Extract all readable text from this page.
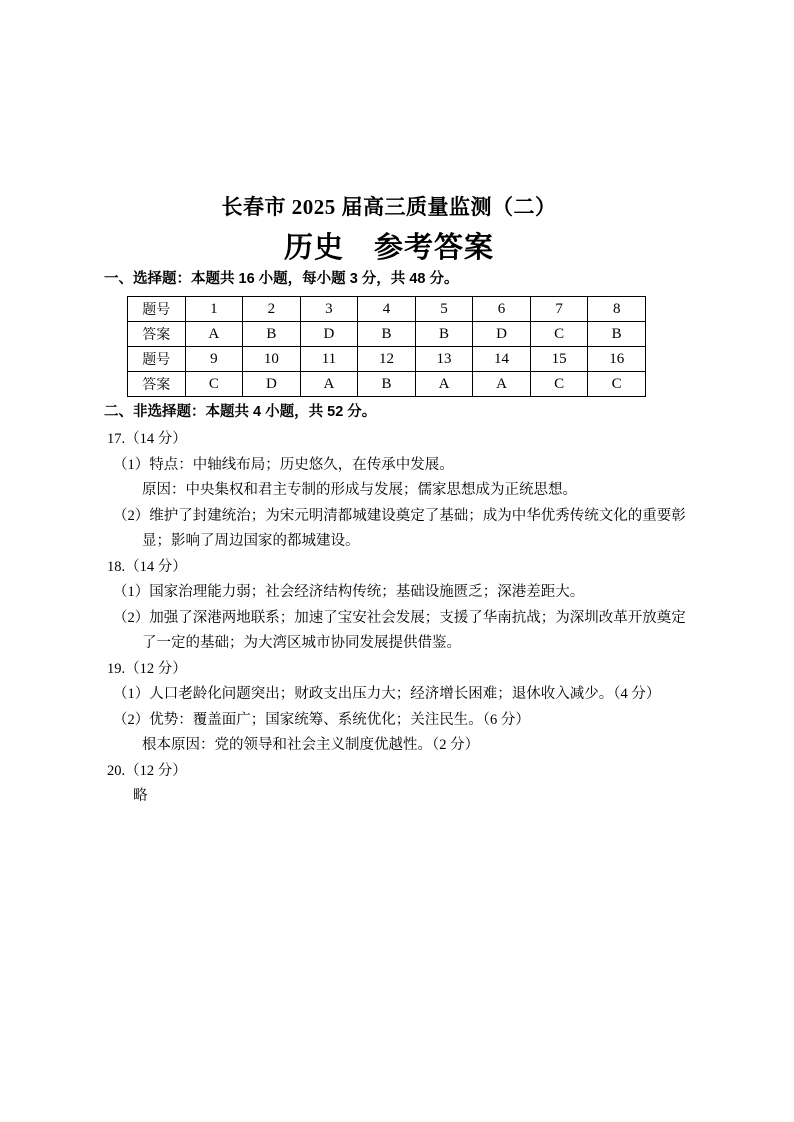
长春市 2025 届高三质量监测（二）
历史　参考答案
一、选择题：本题共 16 小题，每小题 3 分，共 48 分。
题号	1	2	3	4	5	6	7	8
答案	A	B	D	B	B	D	C	B
题号	9	10	11	12	13	14	15	16
答案	C	D	A	B	A	A	C	C
二、非选择题：本题共 4 小题，共 52 分。
17.（14 分）
（1）特点：中轴线布局；历史悠久，在传承中发展。
原因：中央集权和君主专制的形成与发展；儒家思想成为正统思想。
（2）维护了封建统治；为宋元明清都城建设奠定了基础；成为中华优秀传统文化的重要彰
显；影响了周边国家的都城建设。
18.（14 分）
（1）国家治理能力弱；社会经济结构传统；基础设施匮乏；深港差距大。
（2）加强了深港两地联系；加速了宝安社会发展；支援了华南抗战；为深圳改革开放奠定
了一定的基础；为大湾区城市协同发展提供借鉴。
19.（12 分）
（1）人口老龄化问题突出；财政支出压力大；经济增长困难；退休收入减少。（4 分）
（2）优势：覆盖面广；国家统筹、系统优化；关注民生。（6 分）
根本原因：党的领导和社会主义制度优越性。（2 分）
20.（12 分）
略
